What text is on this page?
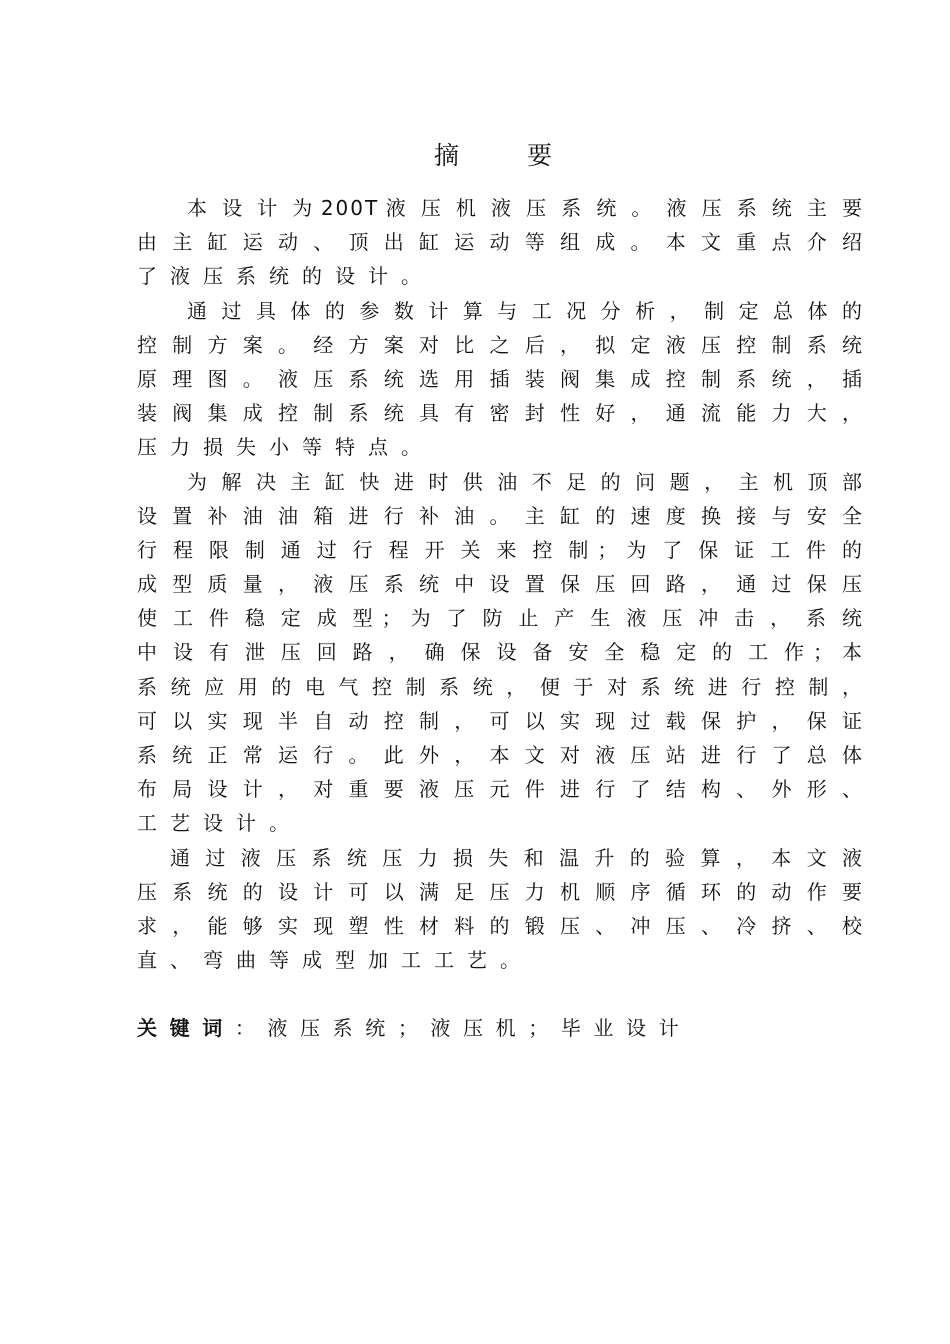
摘	要
本 设 计 为 2 0 0 T 液 压 机 液 压 系 统 。 液 压 系 统 主 要
由 主 缸 运 动 、 顶 出 缸 运 动 等 组 成 。 本 文 重 点 介 绍
了液压系统的设计。
通 过 具 体 的 参 数 计 算 与 工 况 分 析 ， 制 定 总 体 的
控 制 方 案 。 经 方 案 对 比 之 后 ， 拟 定 液 压 控 制 系 统
原 理 图 。 液 压 系 统 选 用 插 装 阀 集 成 控 制 系 统 ， 插
装 阀 集 成 控 制 系 统 具 有 密 封 性 好 ， 通 流 能 力 大 ，
压力损失小等特点。
为 解 决 主 缸 快 进 时 供 油 不 足 的 问 题 ， 主 机 顶 部
设 置 补 油 油 箱 进 行 补 油 。 主 缸 的 速 度 换 接 与 安 全
行 程 限 制 通 过 行 程 开 关 来 控 制 ； 为 了 保 证 工 件 的
成 型 质 量 ， 液 压 系 统 中 设 置 保 压 回 路 ， 通 过 保 压
使 工 件 稳 定 成 型 ； 为 了 防 止 产 生 液 压 冲 击 ， 系 统
中 设 有 泄 压 回 路 ， 确 保 设 备 安 全 稳 定 的 工 作 ； 本
系 统 应 用 的 电 气 控 制 系 统 ， 便 于 对 系 统 进 行 控 制 ，
可 以 实 现 半 自 动 控 制 ， 可 以 实 现 过 载 保 护 ， 保 证
系 统 正 常 运 行 。 此 外 ， 本 文 对 液 压 站 进 行 了 总 体
布 局 设 计 ， 对 重 要 液 压 元 件 进 行 了 结 构 、 外 形 、
工艺设计。
通 过 液 压 系 统 压 力 损 失 和 温 升 的 验 算 ， 本 文 液
压 系 统 的 设 计 可 以 满 足 压 力 机 顺 序 循 环 的 动 作 要
求 ， 能 够 实 现 塑 性 材 料 的 锻 压 、 冲 压 、 冷 挤 、 校
直、弯曲等成型加工工艺。
关键词：液压系统；液压机；毕业设计
